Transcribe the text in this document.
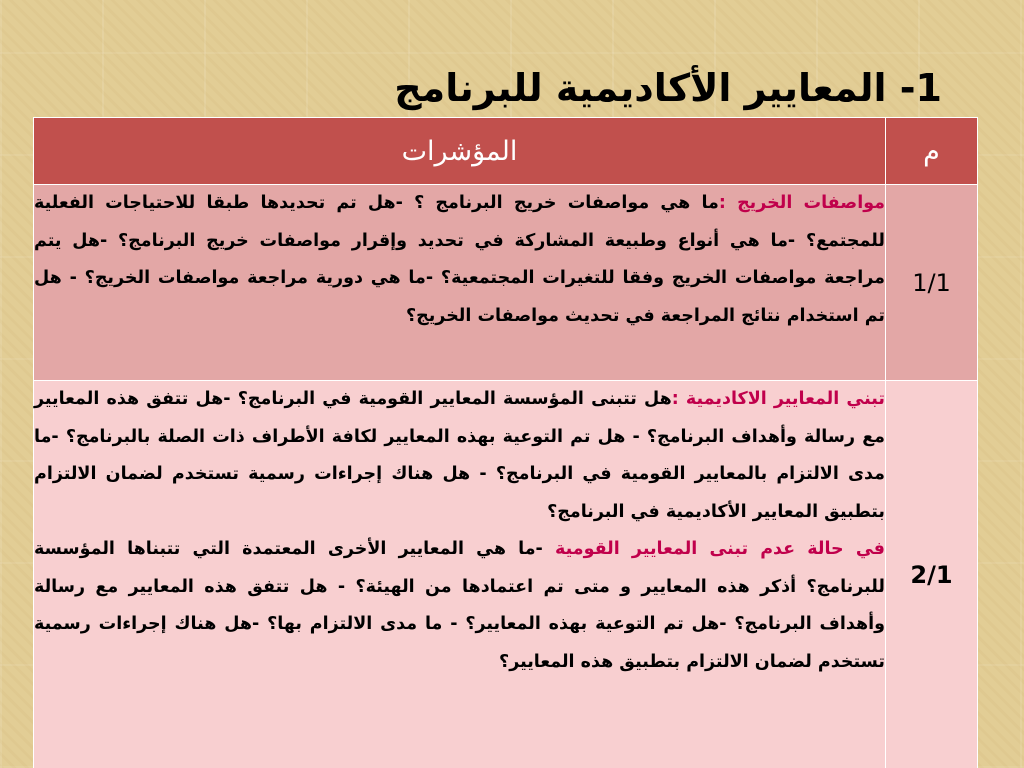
1- المعايير الأكاديمية للبرنامج
م	المؤشرات
1/1	مواصفات الخريج :ما هي مواصفات خريج البرنامج ؟ -هل تم تحديدها طبقا للاحتياجات الفعلية للمجتمع؟ -ما هي أنواع وطبيعة المشاركة في تحديد وإقرار مواصفات خريج البرنامج؟ -هل يتم مراجعة مواصفات الخريج وفقا للتغيرات المجتمعية؟ -ما هي دورية مراجعة مواصفات الخريج؟ - هل تم استخدام نتائج المراجعة في تحديث مواصفات الخريج؟
2/1	تبني المعايير الاكاديمية :هل تتبنى المؤسسة المعايير القومية في البرنامج؟ -هل تتفق هذه المعايير مع رسالة وأهداف البرنامج؟ - هل تم التوعية بهذه المعايير لكافة الأطراف ذات الصلة بالبرنامج؟ -ما مدى الالتزام بالمعايير القومية في البرنامج؟ - هل هناك إجراءات رسمية تستخدم لضمان الالتزام بتطبيق المعايير الأكاديمية في البرنامج؟
في حالة عدم تبنى المعايير القومية -ما هي المعايير الأخرى المعتمدة التي تتبناها المؤسسة للبرنامج؟ أذكر هذه المعايير و متى تم اعتمادها من الهيئة؟ - هل تتفق هذه المعايير مع رسالة وأهداف البرنامج؟ -هل تم التوعية بهذه المعايير؟ - ما مدى الالتزام بها؟ -هل هناك إجراءات رسمية تستخدم لضمان الالتزام بتطبيق هذه المعايير؟
